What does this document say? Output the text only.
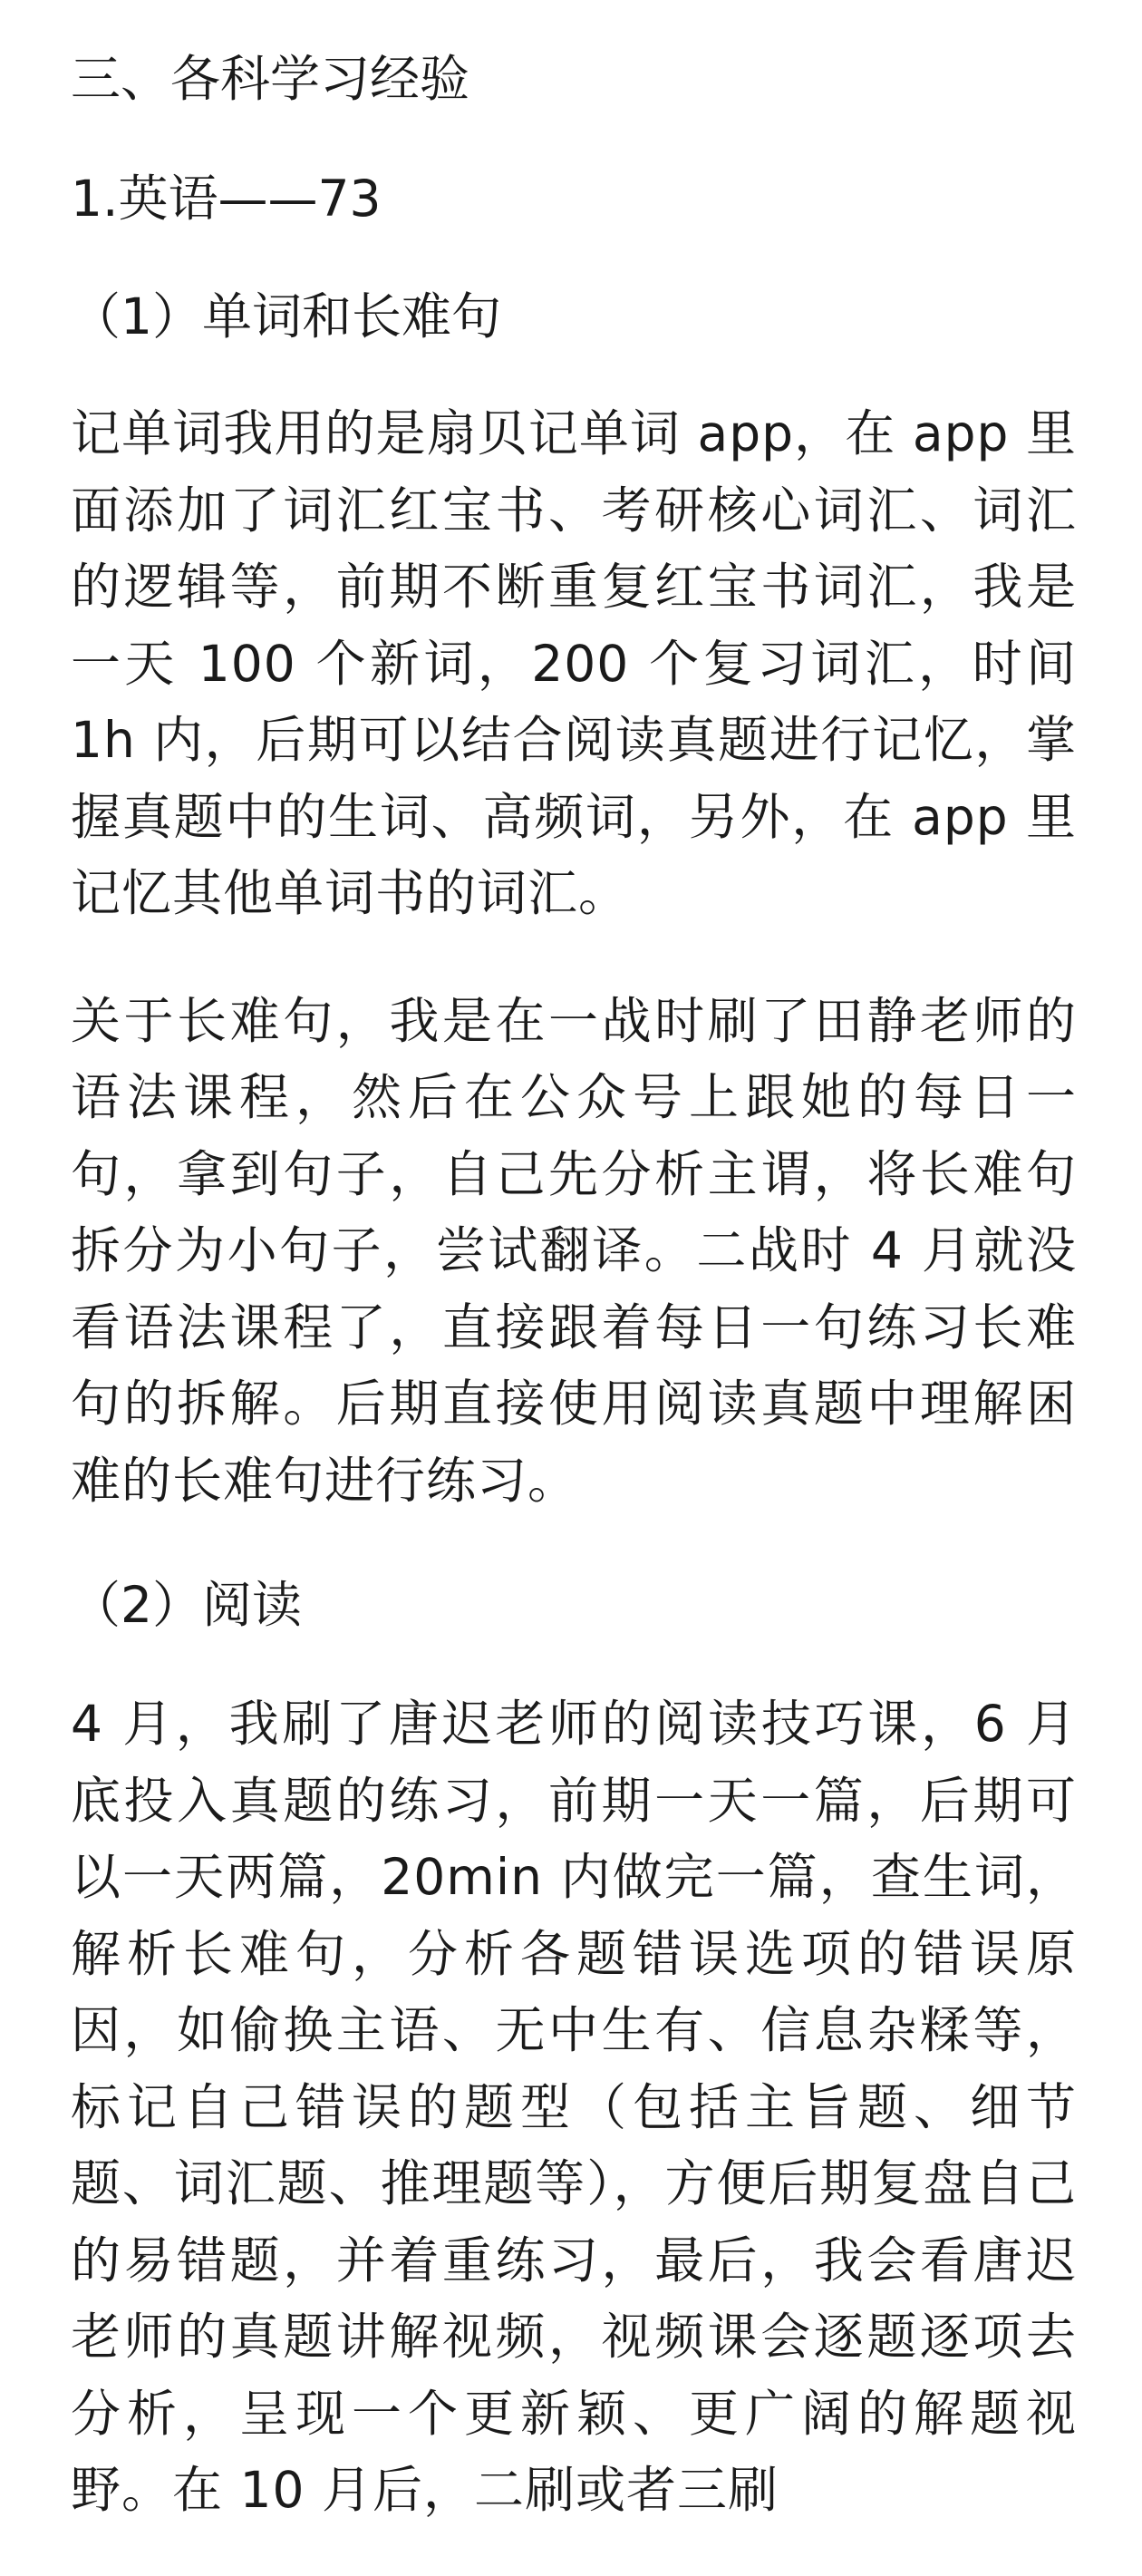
三、各科学习经验
1.英语——73
（1）单词和长难句

记单词我用的是扇贝记单词 app，在 app 里面添加了词汇红宝书、考研核心词汇、词汇的逻辑等，前期不断重复红宝书词汇，我是一天 100 个新词，200 个复习词汇，时间 1h 内，后期可以结合阅读真题进行记忆，掌握真题中的生词、高频词，另外，在 app 里记忆其他单词书的词汇。

关于长难句，我是在一战时刷了田静老师的语法课程，然后在公众号上跟她的每日一句，拿到句子，自己先分析主谓，将长难句拆分为小句子，尝试翻译。二战时 4 月就没看语法课程了，直接跟着每日一句练习长难句的拆解。后期直接使用阅读真题中理解困难的长难句进行练习。

（2）阅读

4 月，我刷了唐迟老师的阅读技巧课，6 月底投入真题的练习，前期一天一篇，后期可以一天两篇，20min 内做完一篇，查生词，解析长难句，分析各题错误选项的错误原因，如偷换主语、无中生有、信息杂糅等，标记自己错误的题型（包括主旨题、细节题、词汇题、推理题等），方便后期复盘自己的易错题，并着重练习，最后，我会看唐迟老师的真题讲解视频，视频课会逐题逐项去分析，呈现一个更新颖、更广阔的解题视野。在 10 月后，二刷或者三刷
